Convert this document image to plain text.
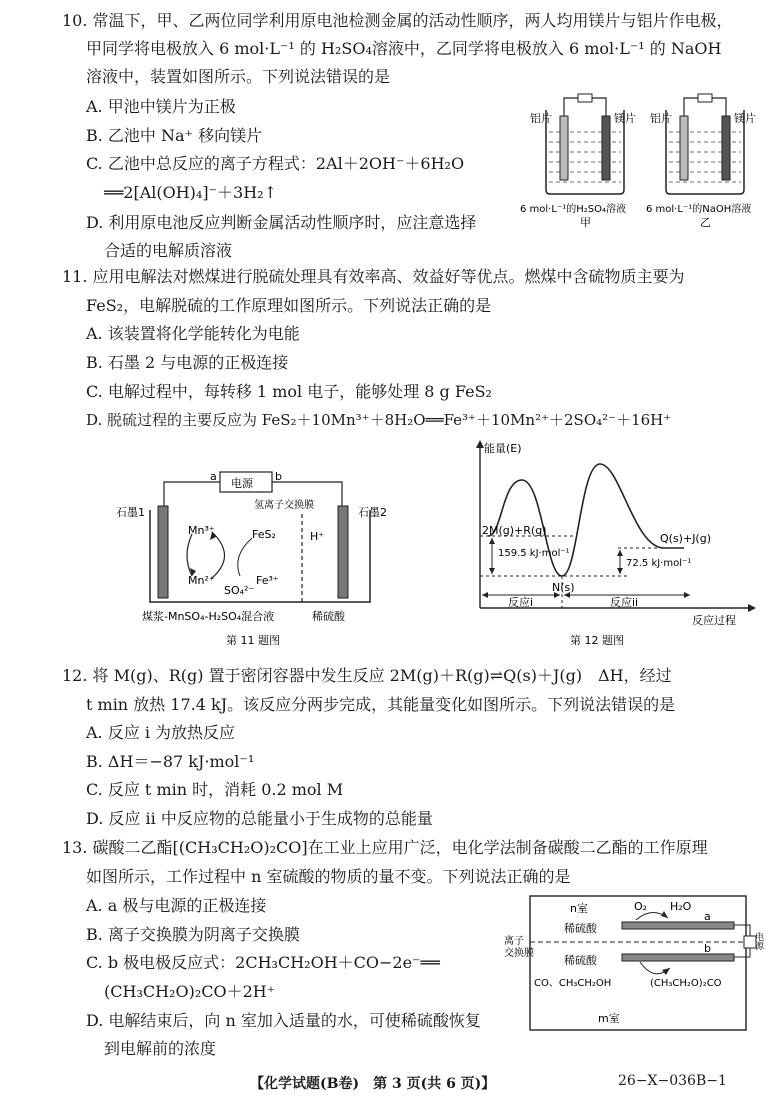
10. 常温下，甲、乙两位同学利用原电池检测金属的活动性顺序，两人均用镁片与铝片作电极，
甲同学将电极放入 6 mol·L⁻¹ 的 H₂SO₄溶液中，乙同学将电极放入 6 mol·L⁻¹ 的 NaOH
溶液中，装置如图所示。下列说法错误的是
A. 甲池中镁片为正极
B. 乙池中 Na⁺ 移向镁片
C. 乙池中总反应的离子方程式：2Al＋2OH⁻＋6H₂O
══2[Al(OH)₄]⁻＋3H₂↑
D. 利用原电池反应判断金属活动性顺序时，应注意选择
合适的电解质溶液
铝片	镁片 铝片	镁片
6 mol·L⁻¹的H₂SO₄溶液
甲
6 mol·L⁻¹的NaOH溶液
乙
11. 应用电解法对燃煤进行脱硫处理具有效率高、效益好等优点。燃煤中含硫物质主要为
FeS₂，电解脱硫的工作原理如图所示。下列说法正确的是
A. 该装置将化学能转化为电能
B. 石墨 2 与电源的正极连接
C. 电解过程中，每转移 1 mol 电子，能够处理 8 g FeS₂
D. 脱硫过程的主要反应为 FeS₂＋10Mn³⁺＋8H₂O══Fe³⁺＋10Mn²⁺＋2SO₄²⁻＋16H⁺
电源
a	b
石墨1	石墨2
氢离子交换膜
Mn³⁺
Mn²⁺
FeS₂
SO₄²⁻
Fe³⁺
H⁺
煤浆-MnSO₄-H₂SO₄混合液	稀硫酸
第 11 题图
能量(E)
2M(g)+R(g)
Q(s)+J(g)
N(s)
159.5 kJ·mol⁻¹
72.5 kJ·mol⁻¹
反应i	反应ii
反应过程
第 12 题图
12. 将 M(g)、R(g) 置于密闭容器中发生反应 2M(g)＋R(g)⇌Q(s)＋J(g)　ΔH，经过
t min 放热 17.4 kJ。该反应分两步完成，其能量变化如图所示。下列说法错误的是
A. 反应 i 为放热反应
B. ΔH＝−87 kJ·mol⁻¹
C. 反应 t min 时，消耗 0.2 mol M
D. 反应 ii 中反应物的总能量小于生成物的总能量
13. 碳酸二乙酯[(CH₃CH₂O)₂CO]在工业上应用广泛，电化学法制备碳酸二乙酯的工作原理
如图所示，工作过程中 n 室硫酸的物质的量不变。下列说法正确的是
A. a 极与电源的正极连接
B. 离子交换膜为阴离子交换膜
C. b 极电极反应式：2CH₃CH₂OH＋CO−2e⁻══
(CH₃CH₂O)₂CO＋2H⁺
D. 电解结束后，向 n 室加入适量的水，可使稀硫酸恢复
到电解前的浓度
n室	O₂ H₂O
稀硫酸
稀硫酸
a
b
离子
交换膜
CO、CH₃CH₂OH	(CH₃CH₂O)₂CO
m室
电源
【化学试题(B卷)　第 3 页(共 6 页)】	26−X−036B−1
